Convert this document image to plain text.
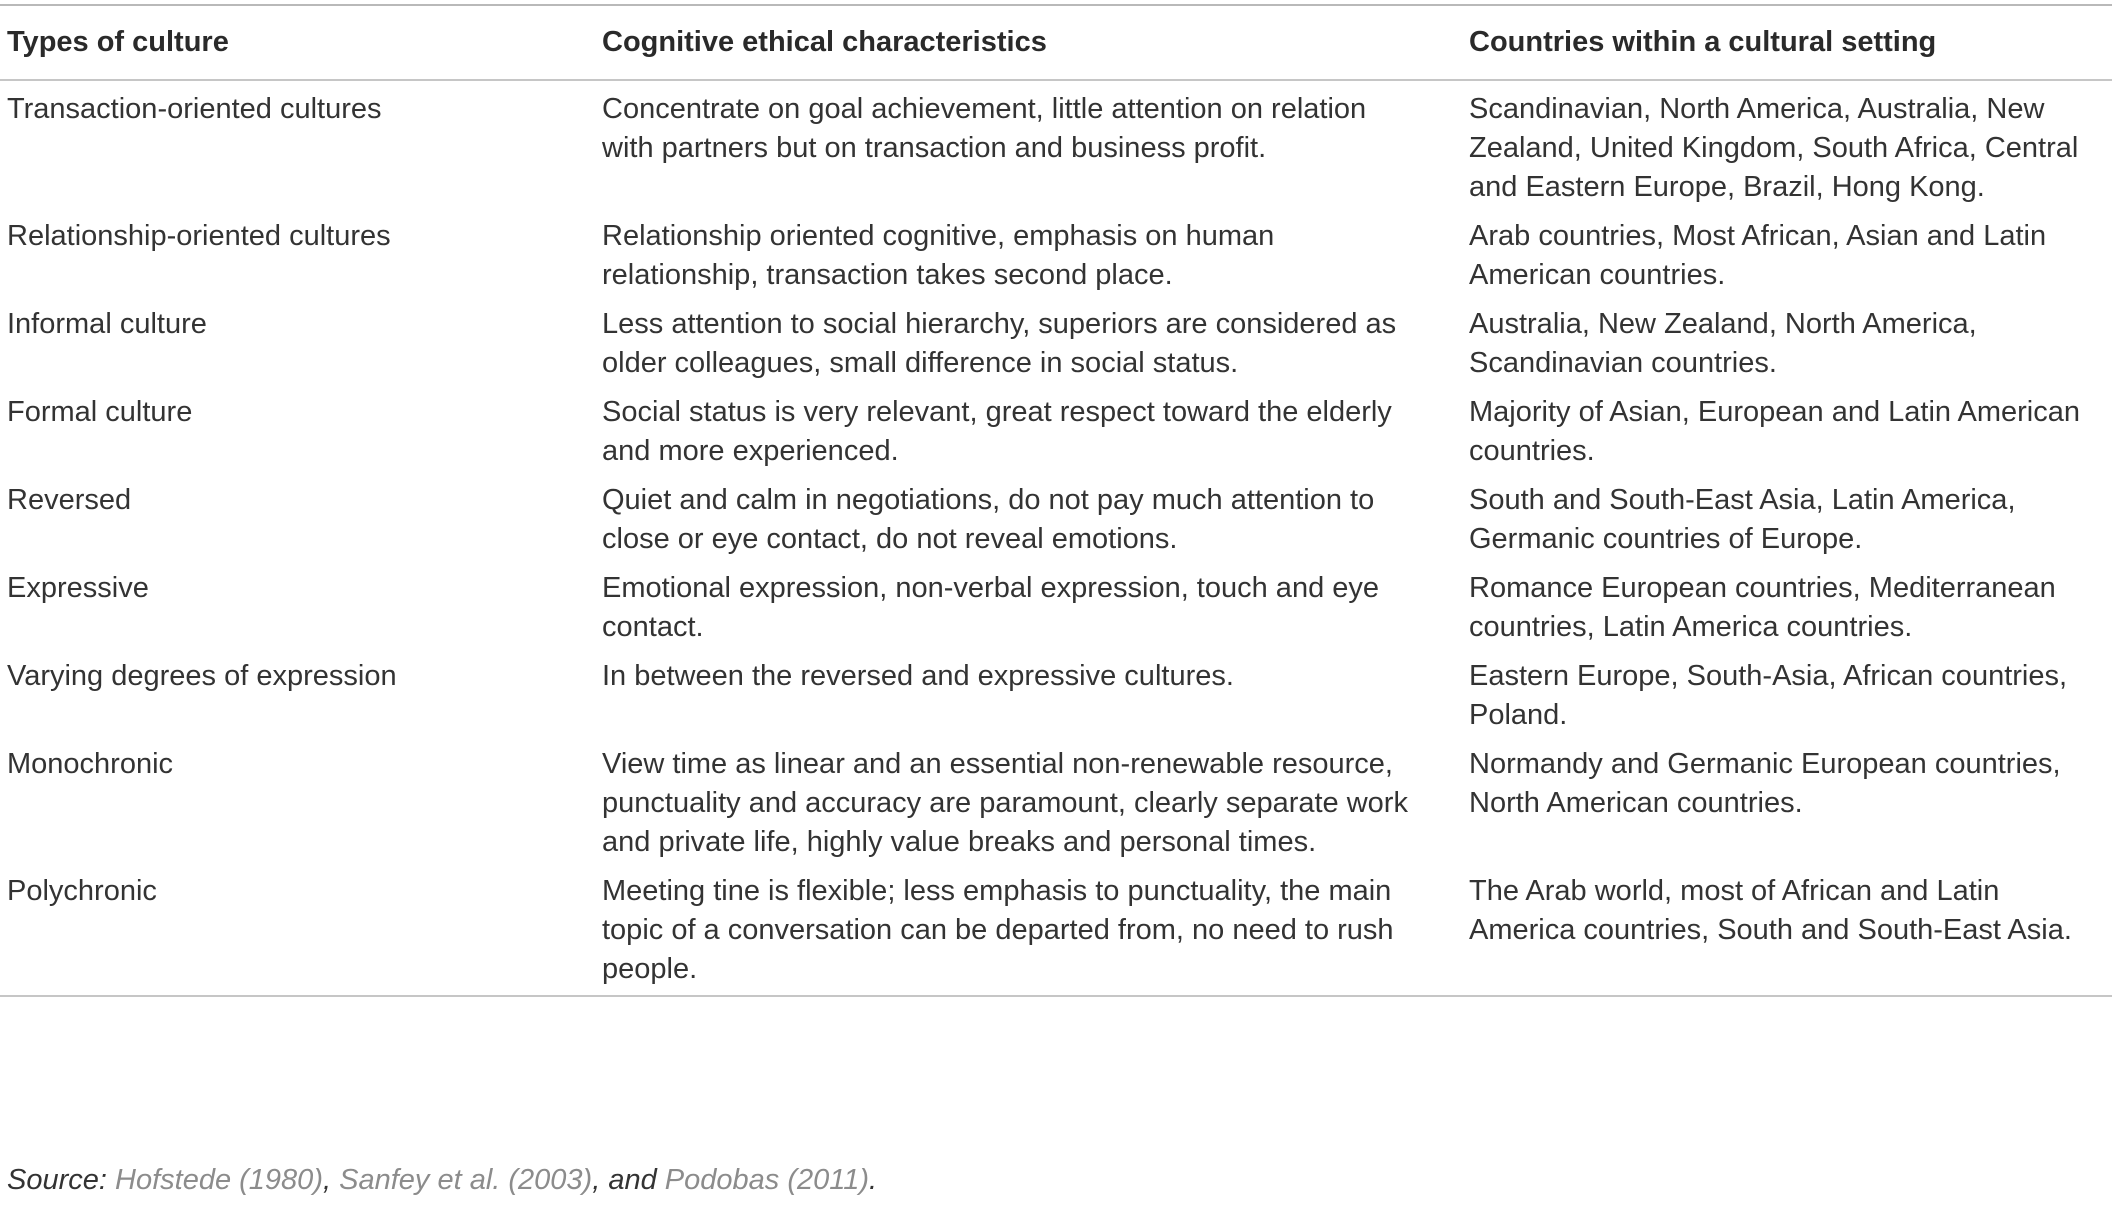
Types of culture	Cognitive ethical characteristics	Countries within a cultural setting
Transaction-oriented cultures	Concentrate on goal achievement, little attention on relation with partners but on transaction and business profit.	Scandinavian, North America, Australia, New Zealand, United Kingdom, South Africa, Central and Eastern Europe, Brazil, Hong Kong.
Relationship-oriented cultures	Relationship oriented cognitive, emphasis on human relationship, transaction takes second place.	Arab countries, Most African, Asian and Latin American countries.
Informal culture	Less attention to social hierarchy, superiors are considered as older colleagues, small difference in social status.	Australia, New Zealand, North America, Scandinavian countries.
Formal culture	Social status is very relevant, great respect toward the elderly and more experienced.	Majority of Asian, European and Latin American countries.
Reversed	Quiet and calm in negotiations, do not pay much attention to close or eye contact, do not reveal emotions.	South and South-East Asia, Latin America, Germanic countries of Europe.
Expressive	Emotional expression, non-verbal expression, touch and eye contact.	Romance European countries, Mediterranean countries, Latin America countries.
Varying degrees of expression	In between the reversed and expressive cultures.	Eastern Europe, South-Asia, African countries, Poland.
Monochronic	View time as linear and an essential non-renewable resource, punctuality and accuracy are paramount, clearly separate work and private life, highly value breaks and personal times.	Normandy and Germanic European countries, North American countries.
Polychronic	Meeting tine is flexible; less emphasis to punctuality, the main topic of a conversation can be departed from, no need to rush people.	The Arab world, most of African and Latin America countries, South and South-East Asia.
Source: Hofstede (1980), Sanfey et al. (2003), and Podobas (2011).
